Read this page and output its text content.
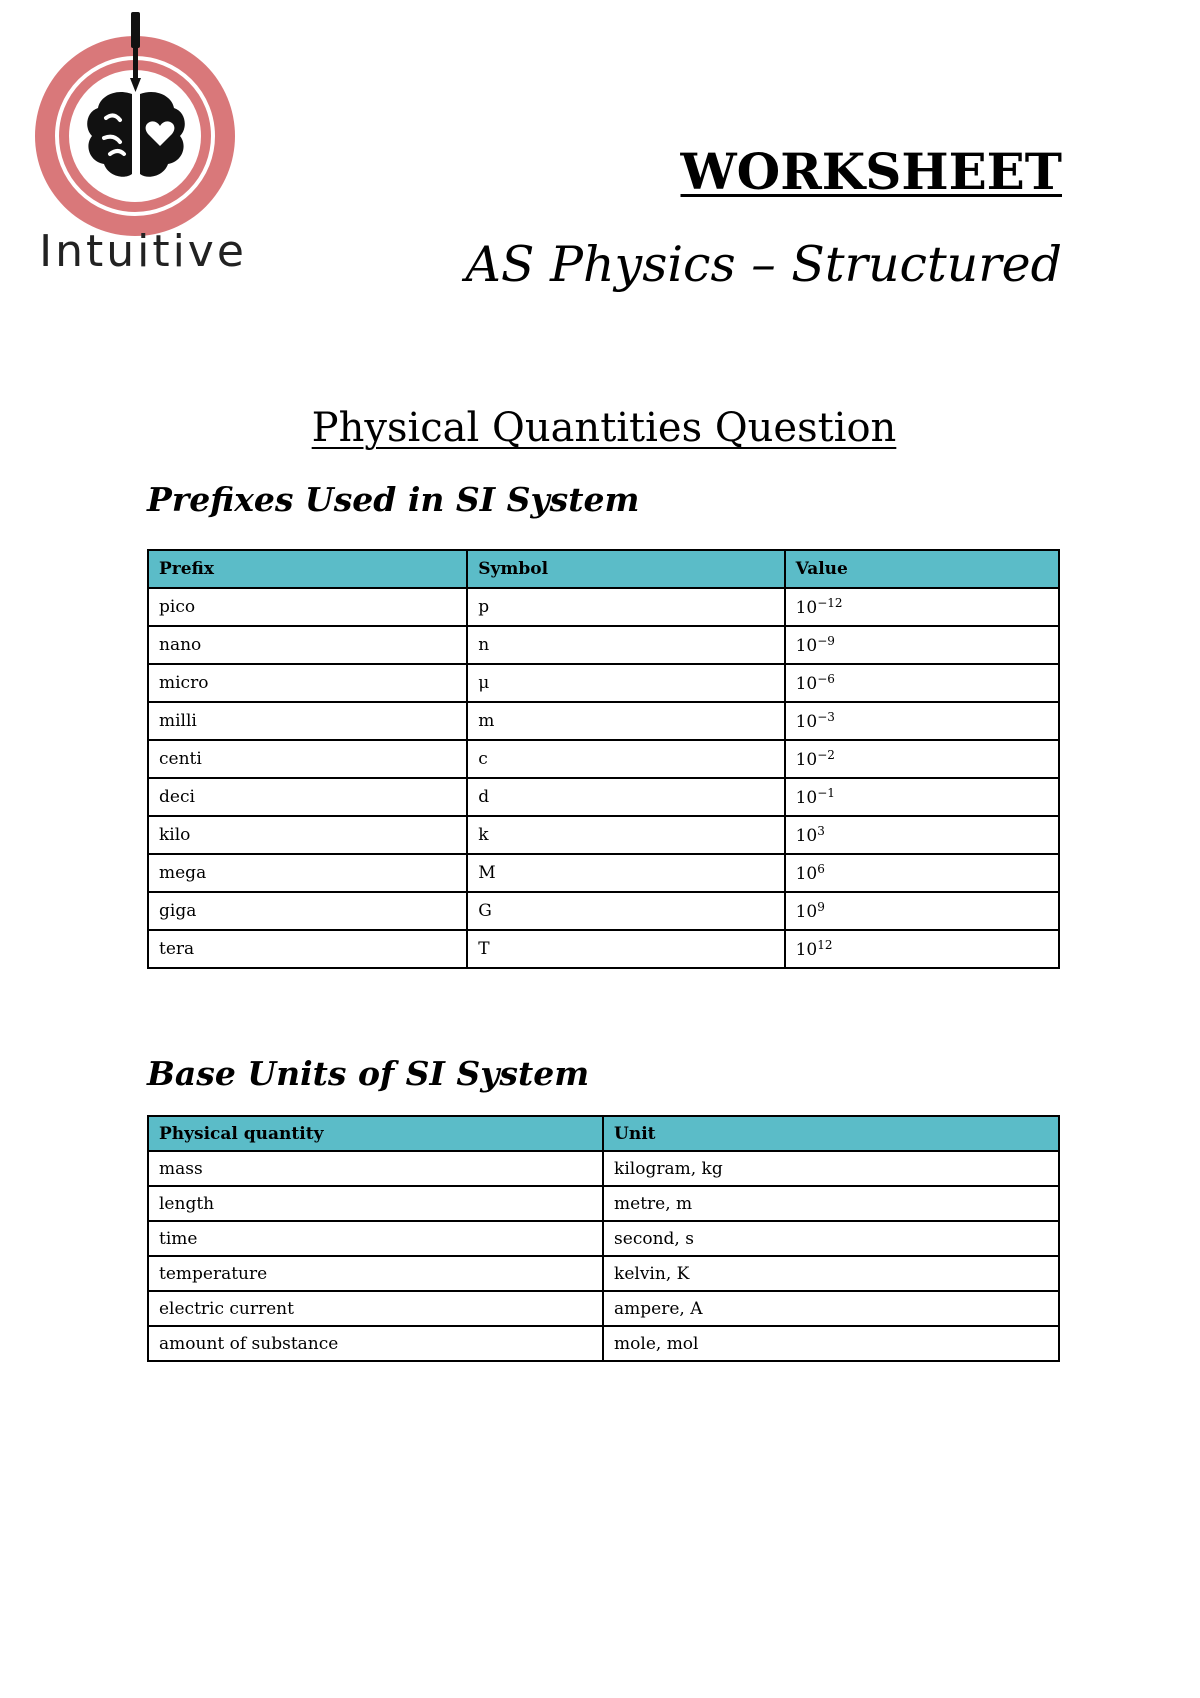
Intuitive
WORKSHEET
AS Physics – Structured
Physical Quantities Question
Prefixes Used in SI System
Prefix	Symbol	Value
pico	p	$10^{-12}$
nano	n	$10^{-9}$
micro	μ	$10^{-6}$
milli	m	$10^{-3}$
centi	c	$10^{-2}$
deci	d	$10^{-1}$
kilo	k	$10^3$
mega	M	$10^6$
giga	G	$10^9$
tera	T	$10^{12}$
Base Units of SI System
Physical quantity	Unit
mass	kilogram, kg
length	metre, m
time	second, s
temperature	kelvin, K
electric current	ampere, A
amount of substance	mole, mol
